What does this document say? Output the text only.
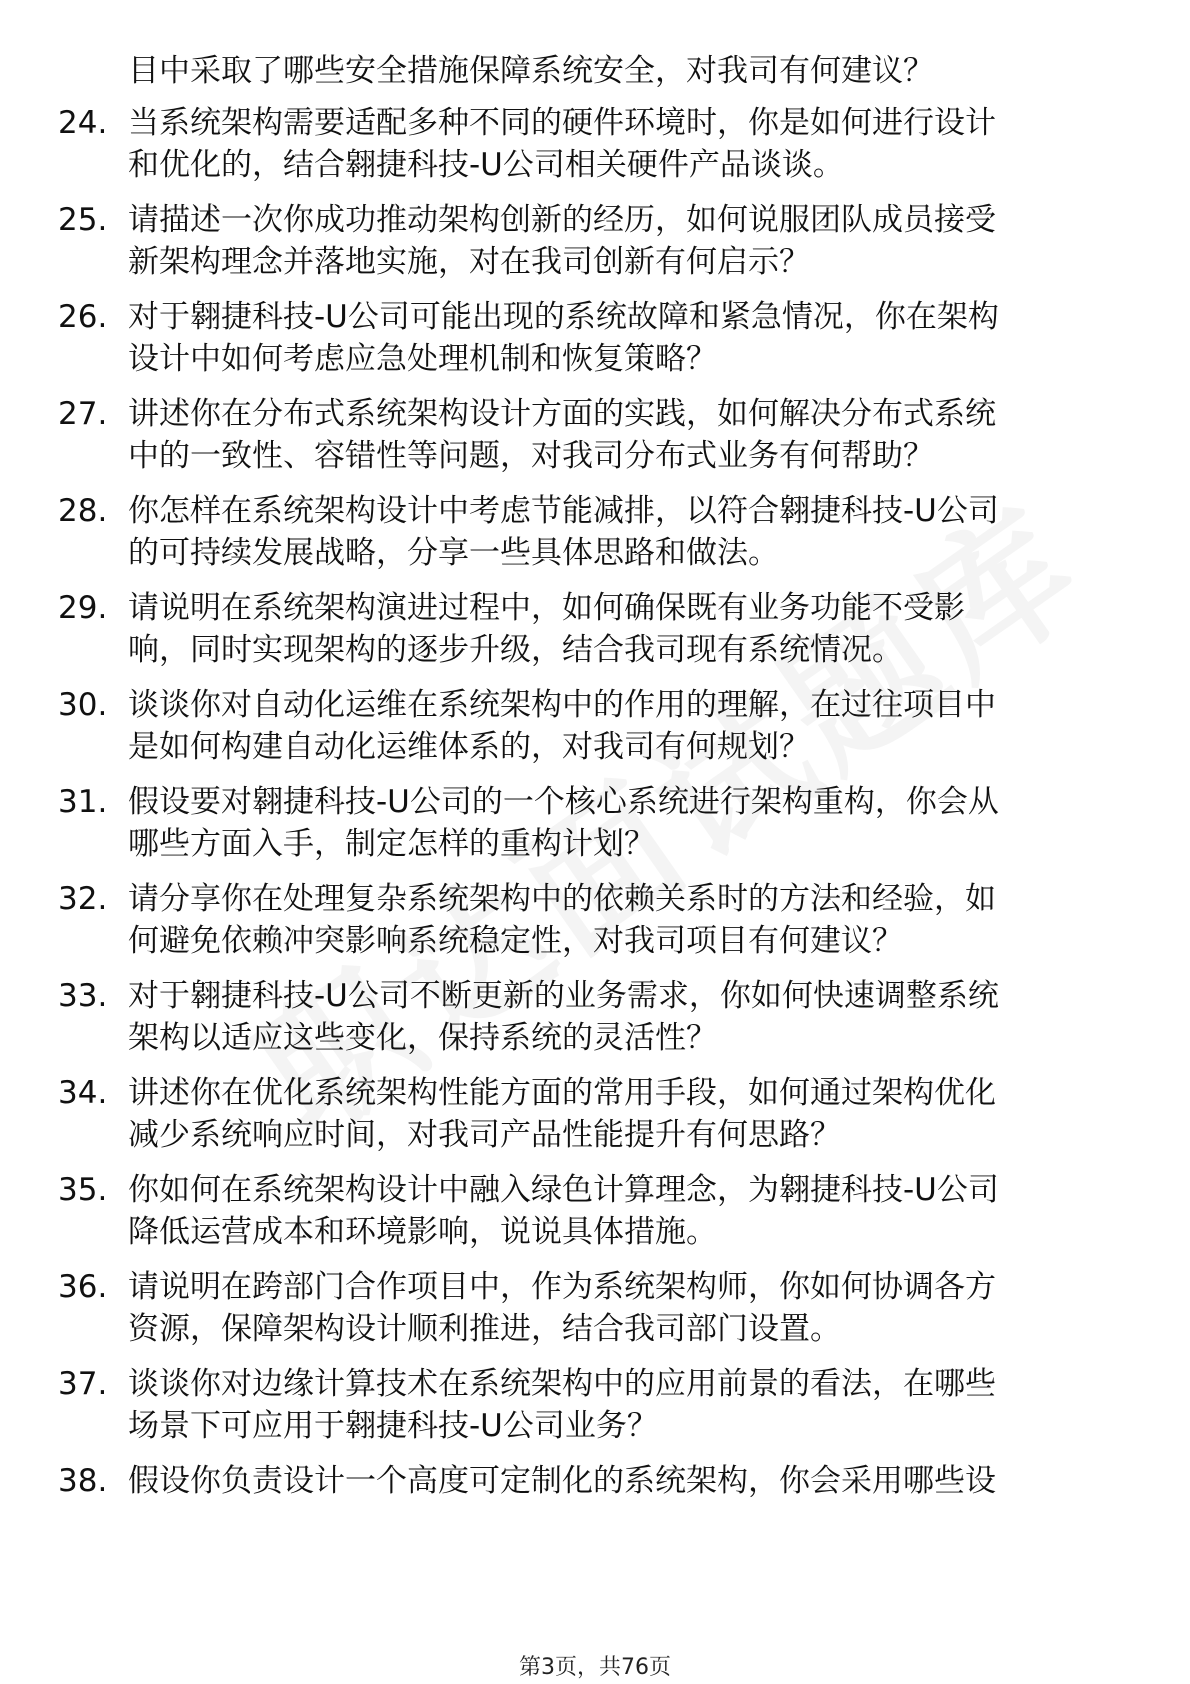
目中采取了哪些安全措施保障系统安全，对我司有何建议？
24. 当系统架构需要适配多种不同的硬件环境时，你是如何进行设计
和优化的，结合翱捷科技-U公司相关硬件产品谈谈。
25. 请描述一次你成功推动架构创新的经历，如何说服团队成员接受
新架构理念并落地实施，对在我司创新有何启示？
26. 对于翱捷科技-U公司可能出现的系统故障和紧急情况，你在架构
设计中如何考虑应急处理机制和恢复策略？
27. 讲述你在分布式系统架构设计方面的实践，如何解决分布式系统
中的一致性、容错性等问题，对我司分布式业务有何帮助？
28. 你怎样在系统架构设计中考虑节能减排，以符合翱捷科技-U公司
的可持续发展战略，分享一些具体思路和做法。
29. 请说明在系统架构演进过程中，如何确保既有业务功能不受影
响，同时实现架构的逐步升级，结合我司现有系统情况。
30. 谈谈你对自动化运维在系统架构中的作用的理解，在过往项目中
是如何构建自动化运维体系的，对我司有何规划？
31. 假设要对翱捷科技-U公司的一个核心系统进行架构重构，你会从
哪些方面入手，制定怎样的重构计划？
32. 请分享你在处理复杂系统架构中的依赖关系时的方法和经验，如
何避免依赖冲突影响系统稳定性，对我司项目有何建议？
33. 对于翱捷科技-U公司不断更新的业务需求，你如何快速调整系统
架构以适应这些变化，保持系统的灵活性？
34. 讲述你在优化系统架构性能方面的常用手段，如何通过架构优化
减少系统响应时间，对我司产品性能提升有何思路？
35. 你如何在系统架构设计中融入绿色计算理念，为翱捷科技-U公司
降低运营成本和环境影响，说说具体措施。
36. 请说明在跨部门合作项目中，作为系统架构师，你如何协调各方
资源，保障架构设计顺利推进，结合我司部门设置。
37. 谈谈你对边缘计算技术在系统架构中的应用前景的看法，在哪些
场景下可应用于翱捷科技-U公司业务？
38. 假设你负责设计一个高度可定制化的系统架构，你会采用哪些设
第3页，共76页
